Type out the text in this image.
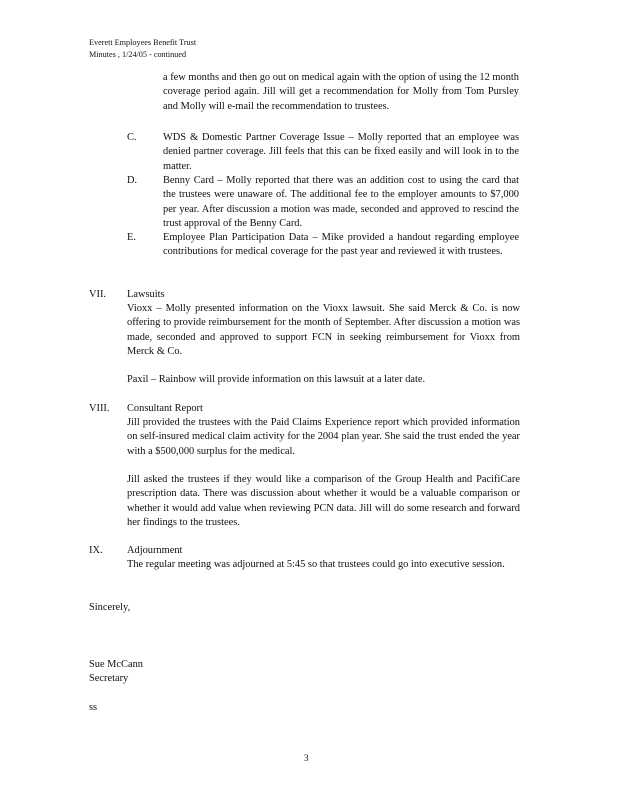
Everett Employees Benefit Trust
Minutes , 1/24/05 - continued

a few months and then go out on medical again with the option of using the 12 month coverage period again. Jill will get a recommendation for Molly from Tom Pursley and Molly will e-mail the recommendation to trustees.

C.	WDS & Domestic Partner Coverage Issue – Molly reported that an employee was denied partner coverage. Jill feels that this can be fixed easily and will look in to the matter.

D. Benny Card – Molly reported that there was an addition cost to using the card that the trustees were unaware of. The additional fee to the employer amounts to $7,000 per year. After discussion a motion was made, seconded and approved to rescind the trust approval of the Benny Card.

E.	Employee Plan Participation Data – Mike provided a handout regarding employee contributions for medical coverage for the past year and reviewed it with trustees.

VII. Lawsuits

Vioxx – Molly presented information on the Vioxx lawsuit. She said Merck & Co. is now offering to provide reimbursement for the month of September. After discussion a motion was made, seconded and approved to support FCN in seeking reimbursement for Vioxx from Merck & Co.

Paxil – Rainbow will provide information on this lawsuit at a later date.

VIII. Consultant Report

Jill provided the trustees with the Paid Claims Experience report which provided information on self-insured medical claim activity for the 2004 plan year. She said the trust ended the year with a $500,000 surplus for the medical.

Jill asked the trustees if they would like a comparison of the Group Health and PacifiCare prescription data. There was discussion about whether it would be a valuable comparison or whether it would add value when reviewing PCN data. Jill will do some research and forward her findings to the trustees.

IX. Adjournment

The regular meeting was adjourned at 5:45 so that trustees could go into executive session.

Sincerely,
Sue McCann
Secretary
ss
3
